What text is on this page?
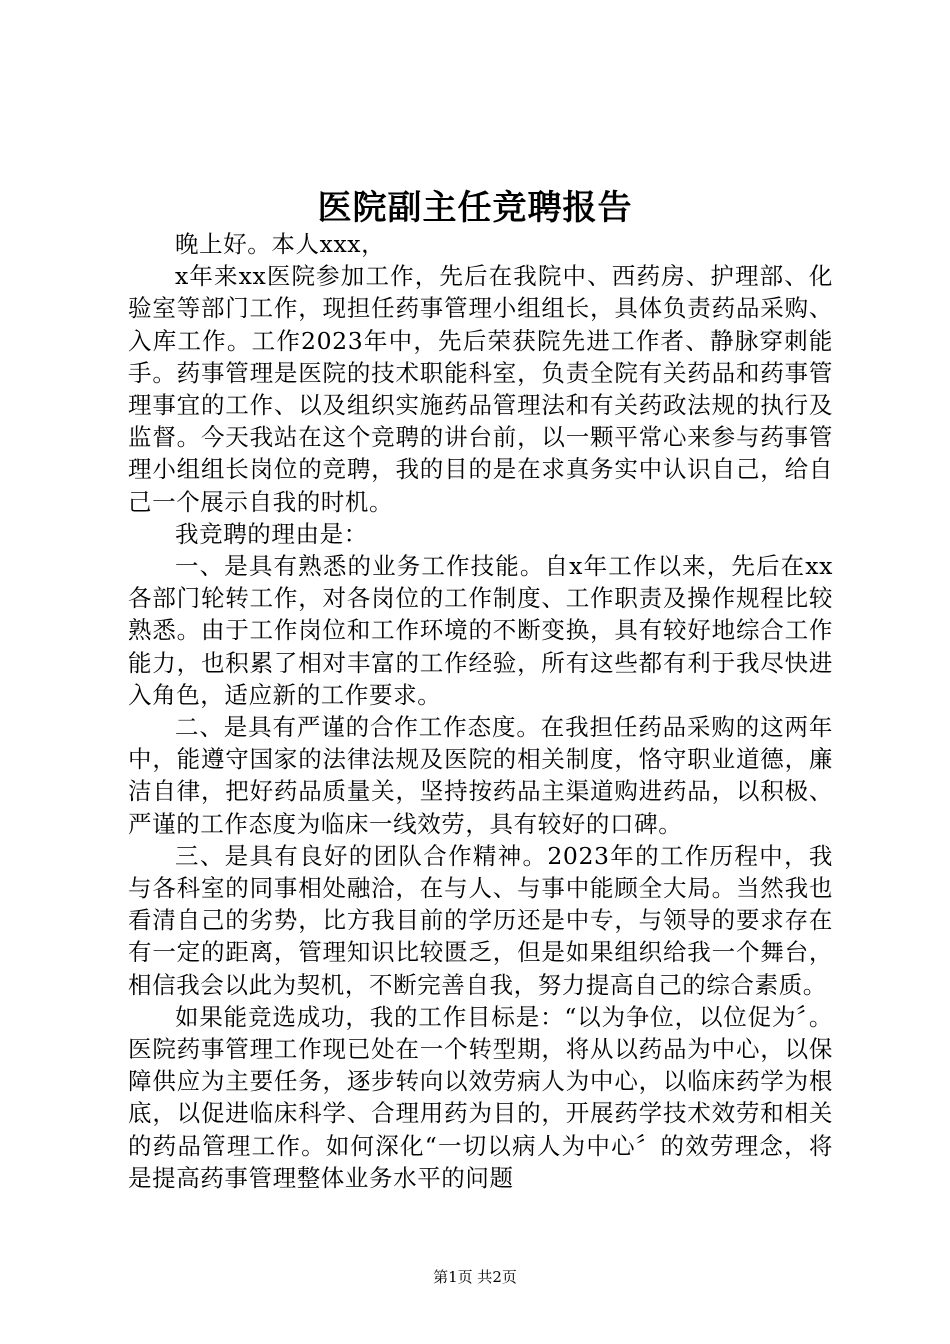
医院副主任竞聘报告

晚上好。本人xxx，

x年来xx医院参加工作，先后在我院中、西药房、护理部、化验室等部门工作，现担任药事管理小组组长，具体负责药品采购、入库工作。工作2023年中，先后荣获院先进工作者、静脉穿刺能手。药事管理是医院的技术职能科室，负责全院有关药品和药事管理事宜的工作、以及组织实施药品管理法和有关药政法规的执行及监督。今天我站在这个竞聘的讲台前，以一颗平常心来参与药事管理小组组长岗位的竞聘，我的目的是在求真务实中认识自己，给自己一个展示自我的时机。

我竞聘的理由是：

一、是具有熟悉的业务工作技能。自x年工作以来，先后在xx各部门轮转工作，对各岗位的工作制度、工作职责及操作规程比较熟悉。由于工作岗位和工作环境的不断变换，具有较好地综合工作能力，也积累了相对丰富的工作经验，所有这些都有利于我尽快进入角色，适应新的工作要求。

二、是具有严谨的合作工作态度。在我担任药品采购的这两年中，能遵守国家的法律法规及医院的相关制度，恪守职业道德，廉洁自律，把好药品质量关，坚持按药品主渠道购进药品，以积极、严谨的工作态度为临床一线效劳，具有较好的口碑。

三、是具有良好的团队合作精神。2023年的工作历程中，我与各科室的同事相处融洽，在与人、与事中能顾全大局。当然我也看清自己的劣势，比方我目前的学历还是中专，与领导的要求存在有一定的距离，管理知识比较匮乏，但是如果组织给我一个舞台，相信我会以此为契机，不断完善自我，努力提高自己的综合素质。

如果能竞选成功，我的工作目标是：“以为争位，以位促为〞。医院药事管理工作现已处在一个转型期，将从以药品为中心，以保障供应为主要任务，逐步转向以效劳病人为中心，以临床药学为根底，以促进临床科学、合理用药为目的，开展药学技术效劳和相关的药品管理工作。如何深化“一切以病人为中心〞的效劳理念，将是提高药事管理整体业务水平的问题

第1页 共2页
